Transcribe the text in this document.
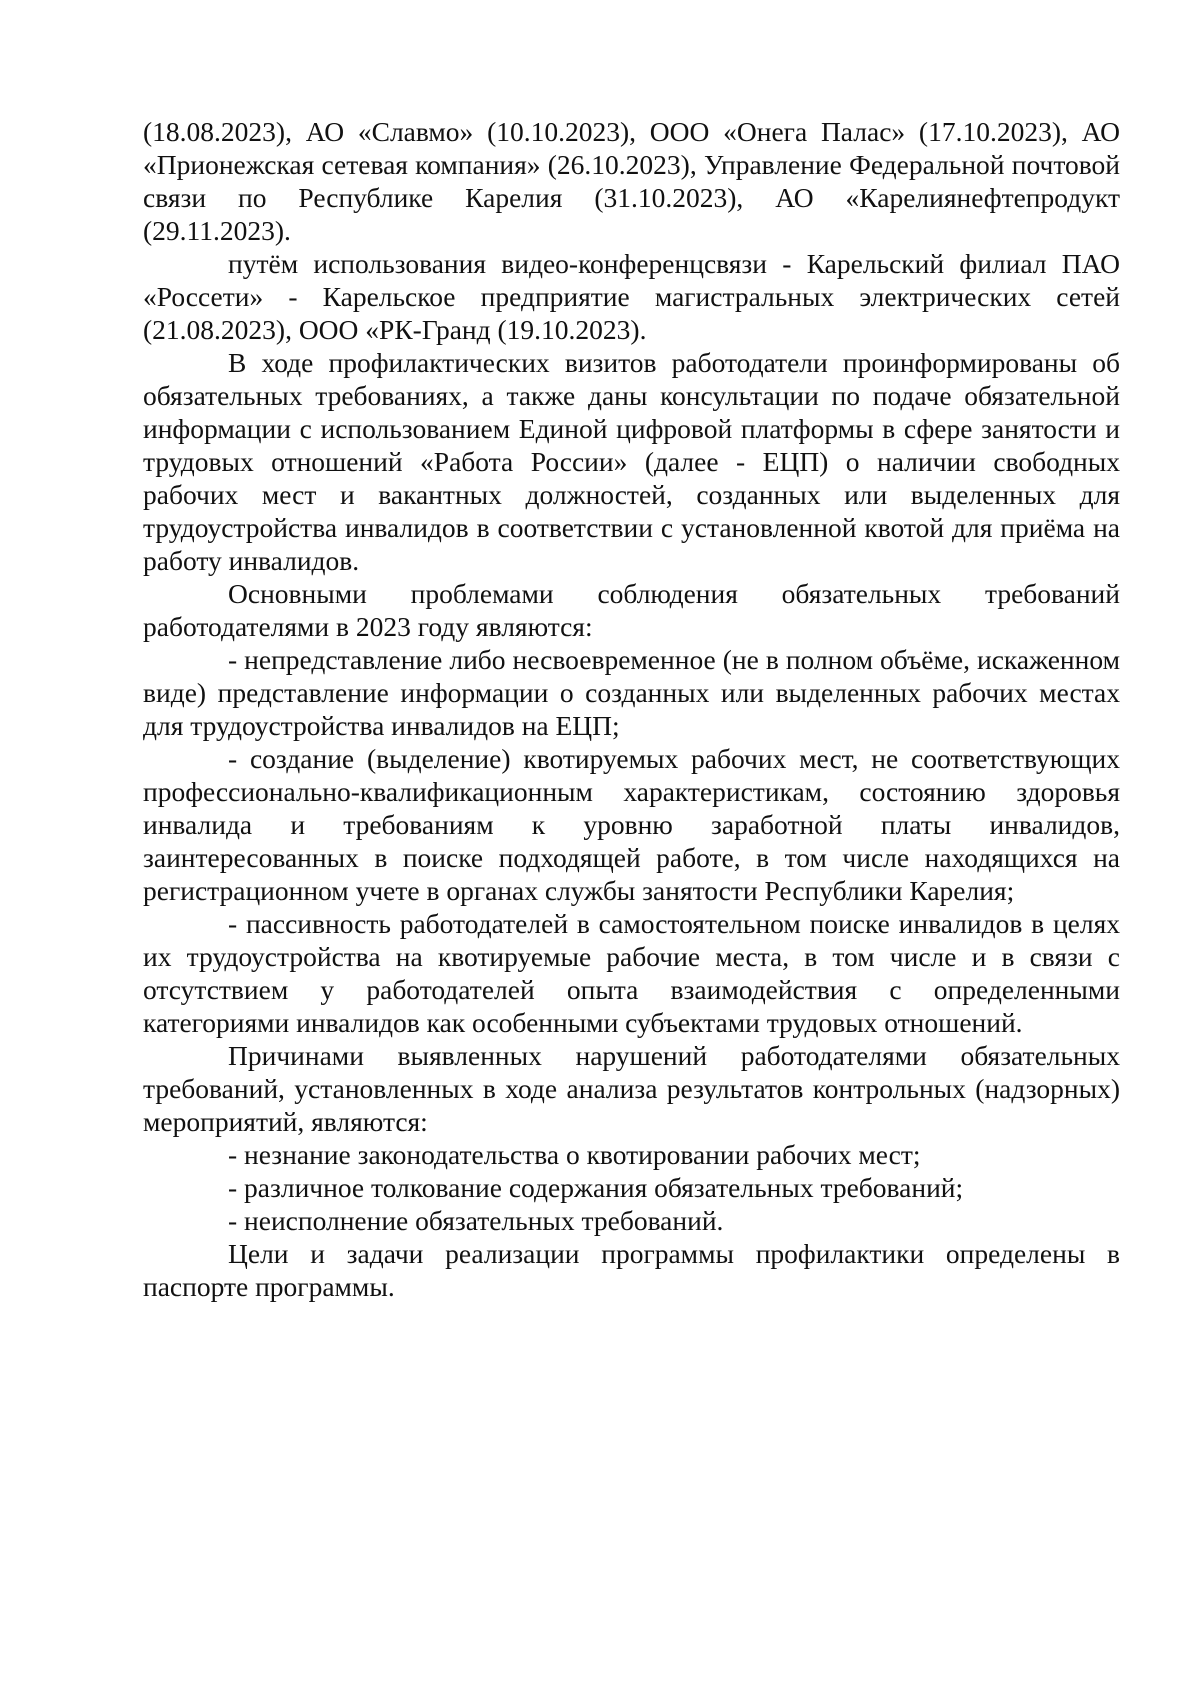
(18.08.2023), АО «Славмо» (10.10.2023), ООО «Онега Палас» (17.10.2023), АО «Прионежская сетевая компания» (26.10.2023), Управление Федеральной почтовой связи по Республике Карелия (31.10.2023), АО «Карелиянефтепродукт (29.11.2023).

путём использования видео-конференцсвязи - Карельский филиал ПАО «Россети» - Карельское предприятие магистральных электрических сетей (21.08.2023), ООО «РК-Гранд (19.10.2023).

В ходе профилактических визитов работодатели проинформированы об обязательных требованиях, а также даны консультации по подаче обязательной информации с использованием Единой цифровой платформы в сфере занятости и трудовых отношений «Работа России» (далее - ЕЦП) о наличии свободных рабочих мест и вакантных должностей, созданных или выделенных для трудоустройства инвалидов в соответствии с установленной квотой для приёма на работу инвалидов.

Основными проблемами соблюдения обязательных требований работодателями в 2023 году являются:

- непредставление либо несвоевременное (не в полном объёме, искаженном виде) представление информации о созданных или выделенных рабочих местах для трудоустройства инвалидов на ЕЦП;

- создание (выделение) квотируемых рабочих мест, не соответствующих профессионально-квалификационным характеристикам, состоянию здоровья инвалида и требованиям к уровню заработной платы инвалидов, заинтересованных в поиске подходящей работе, в том числе находящихся на регистрационном учете в органах службы занятости Республики Карелия;

- пассивность работодателей в самостоятельном поиске инвалидов в целях их трудоустройства на квотируемые рабочие места, в том числе и в связи с отсутствием у работодателей опыта взаимодействия с определенными категориями инвалидов как особенными субъектами трудовых отношений.

Причинами выявленных нарушений работодателями обязательных требований, установленных в ходе анализа результатов контрольных (надзорных) мероприятий, являются:

- незнание законодательства о квотировании рабочих мест;

- различное толкование содержания обязательных требований;

- неисполнение обязательных требований.

Цели и задачи реализации программы профилактики определены в паспорте программы.
